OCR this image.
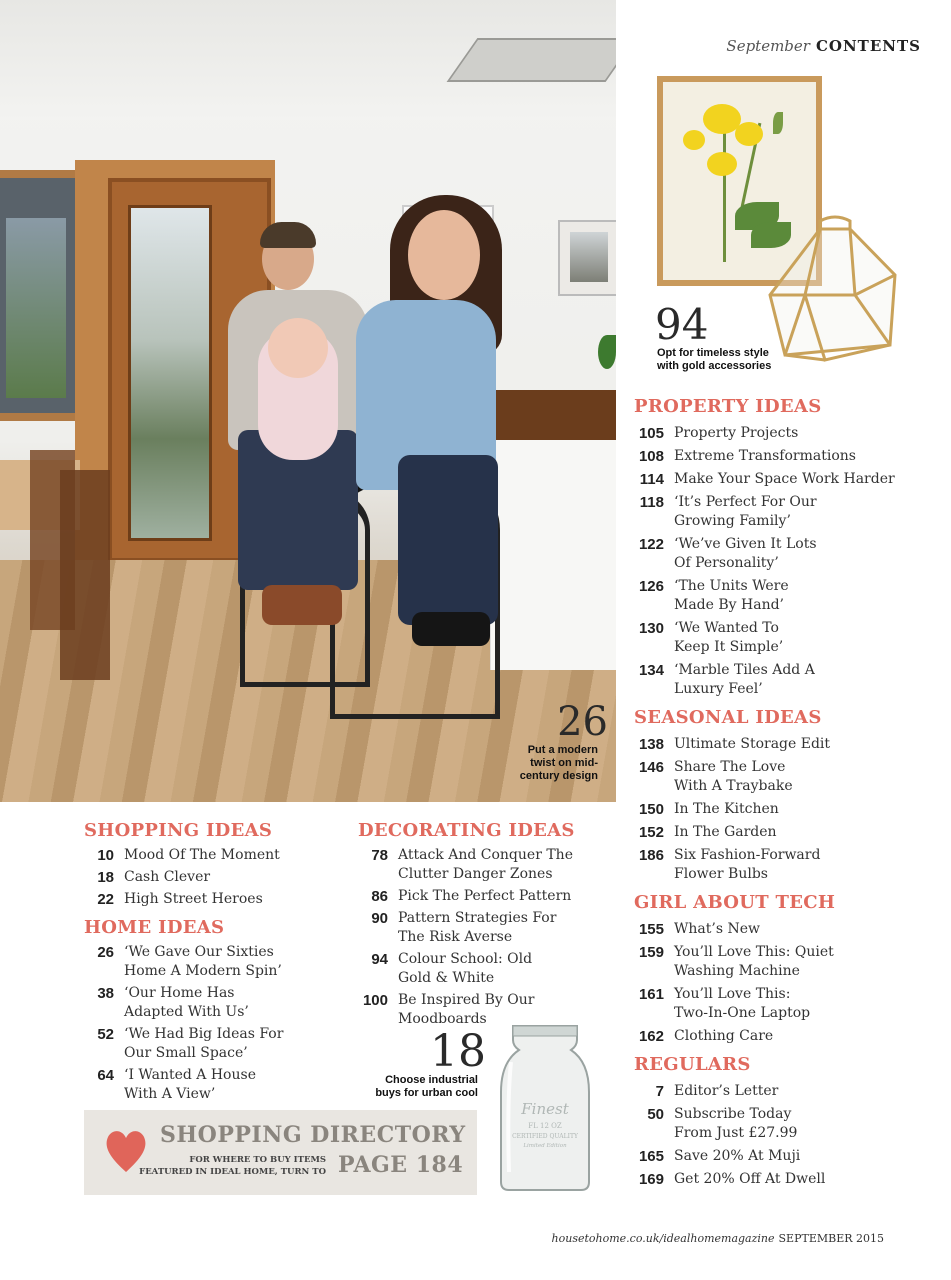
26
Put a modern twist on mid-century design
September CONTENTS
94
Opt for timeless style with gold accessories
PROPERTY IDEAS
105 Property Projects
108 Extreme Transformations
114 Make Your Space Work Harder
118 ‘It’s Perfect For Our Growing Family’
122 ‘We’ve Given It Lots Of Personality’
126 ‘The Units Were Made By Hand’
130 ‘We Wanted To Keep It Simple’
134 ‘Marble Tiles Add A Luxury Feel’
SEASONAL IDEAS
138 Ultimate Storage Edit
146 Share The Love With A Traybake
150 In The Kitchen
152 In The Garden
186 Six Fashion-Forward Flower Bulbs
GIRL ABOUT TECH
155 What’s New
159 You’ll Love This: Quiet Washing Machine
161 You’ll Love This: Two-In-One Laptop
162 Clothing Care
REGULARS
7 Editor’s Letter
50 Subscribe Today From Just £27.99
165 Save 20% At Muji
169 Get 20% Off At Dwell
SHOPPING IDEAS
10 Mood Of The Moment
18 Cash Clever
22 High Street Heroes
HOME IDEAS
26 ‘We Gave Our Sixties Home A Modern Spin’
38 ‘Our Home Has Adapted With Us’
52 ‘We Had Big Ideas For Our Small Space’
64 ‘I Wanted A House With A View’
DECORATING IDEAS
78 Attack And Conquer The Clutter Danger Zones
86 Pick The Perfect Pattern
90 Pattern Strategies For The Risk Averse
94 Colour School: Old Gold & White
100 Be Inspired By Our Moodboards
18
Choose industrial buys for urban cool
Finest
FL 12 OZ
CERTIFIED QUALITY
Limited Edition
SHOPPING DIRECTORY
FOR WHERE TO BUY ITEMS
FEATURED IN IDEAL HOME, TURN TO PAGE 184
housetohome.co.uk/idealhomemagazine SEPTEMBER 2015
